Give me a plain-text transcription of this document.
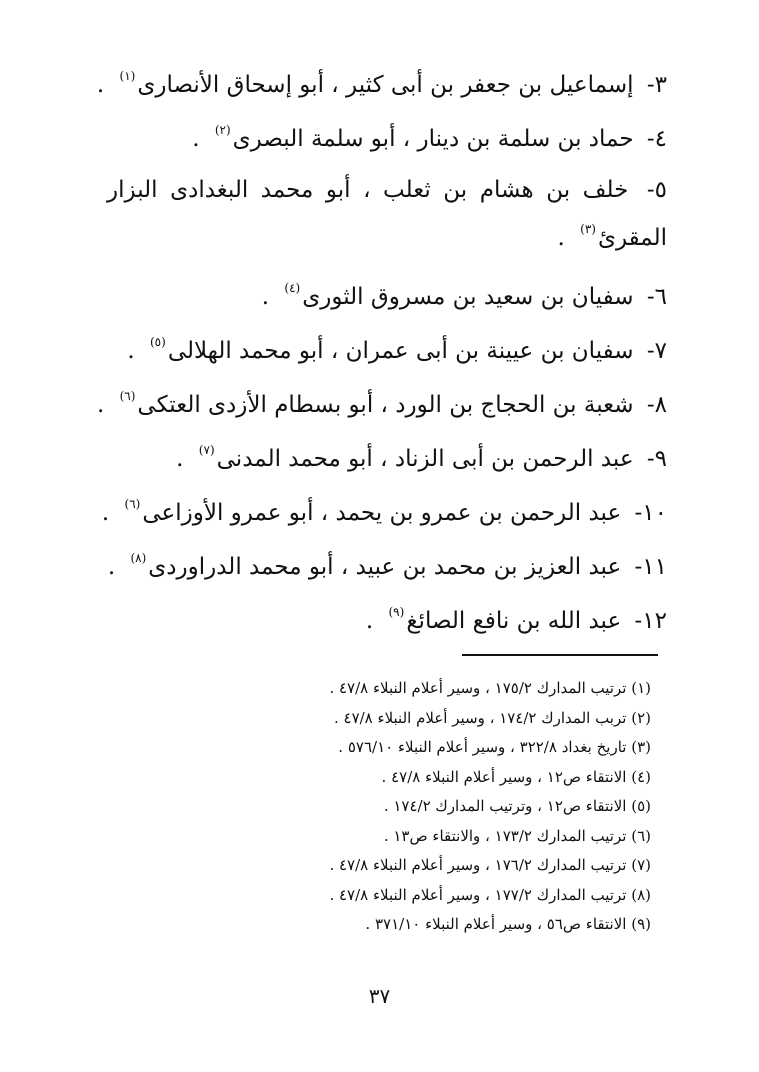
٣- إسماعيل بن جعفر بن أبى كثير ، أبو إسحاق الأنصارى$^{(١)}$ .
٤- حماد بن سلمة بن دينار ، أبو سلمة البصرى$^{(٢)}$ .
٥- خلف بن هشام بن ثعلب ، أبو محمد البغدادى البزار المقرئ$^{(٣)}$ .
٦- سفيان بن سعيد بن مسروق الثورى$^{(٤)}$ .
٧- سفيان بن عيينة بن أبى عمران ، أبو محمد الهلالى$^{(٥)}$ .
٨- شعبة بن الحجاج بن الورد ، أبو بسطام الأزدى العتكى$^{(٦)}$ .
٩- عبد الرحمن بن أبى الزناد ، أبو محمد المدنى$^{(٧)}$ .
١٠- عبد الرحمن بن عمرو بن يحمد ، أبو عمرو الأوزاعى$^{(٦)}$ .
١١- عبد العزيز بن محمد بن عبيد ، أبو محمد الدراوردى$^{(٨)}$ .
١٢- عبد الله بن نافع الصائغ$^{(٩)}$ .
(١) ترتيب المدارك ١٧٥/٢ ، وسير أعلام النبلاء ٤٧/٨ .
(٢) تربب المدارك ١٧٤/٢ ، وسير أعلام النبلاء ٤٧/٨ .
(٣) تاريخ بغداد ٣٢٢/٨ ، وسير أعلام النبلاء ٥٧٦/١٠ .
(٤) الانتقاء ص١٢ ، وسير أعلام النبلاء ٤٧/٨ .
(٥) الانتقاء ص١٢ ، وترتيب المدارك ١٧٤/٢ .
(٦) ترتيب المدارك ١٧٣/٢ ، والانتقاء ص١٣ .
(٧) ترتيب المدارك ١٧٦/٢ ، وسير أعلام النبلاء ٤٧/٨ .
(٨) ترتيب المدارك ١٧٧/٢ ، وسير أعلام النبلاء ٤٧/٨ .
(٩) الانتقاء ص٥٦ ، وسير أعلام النبلاء ٣٧١/١٠ .
٣٧
